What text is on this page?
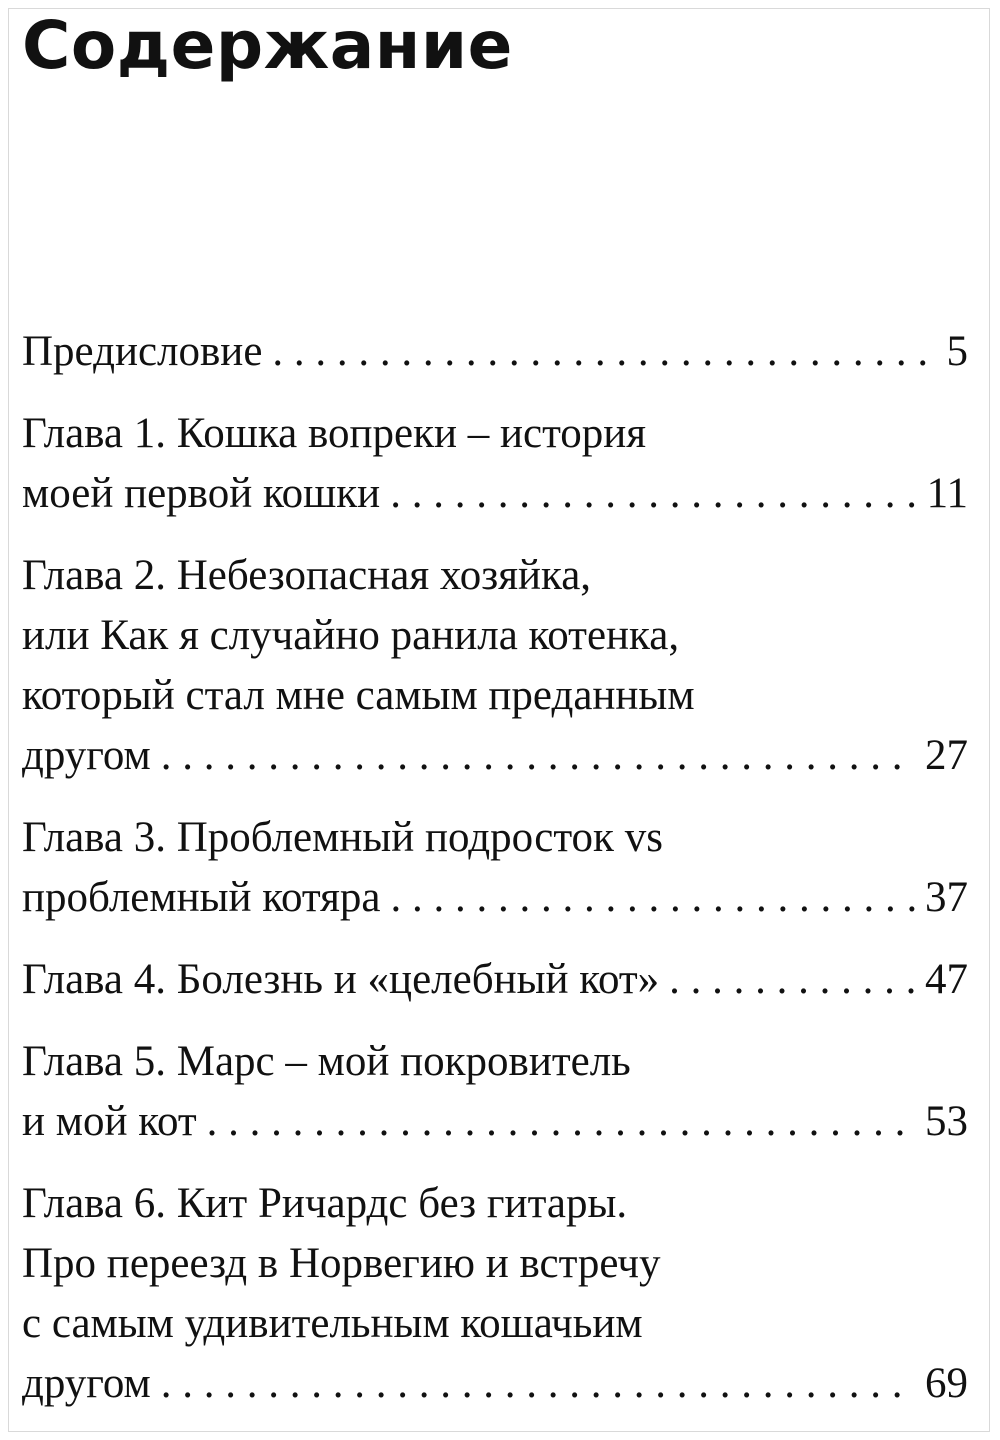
Содержание
Предисловие . . .	5
Глава 1. Кошка вопреки – история
моей первой кошки . . .	11
Глава 2. Небезопасная хозяйка,
или Как я случайно ранила котенка,
который стал мне самым преданным
другом . . .	27
Глава 3. Проблемный подросток vs
проблемный котяра . . .	37
Глава 4. Болезнь и «целебный кот» . . .	47
Глава 5. Марс – мой покровитель
и мой кот . . .	53
Глава 6. Кит Ричардс без гитары.
Про переезд в Норвегию и встречу
с самым удивительным кошачьим
другом . . .	69
